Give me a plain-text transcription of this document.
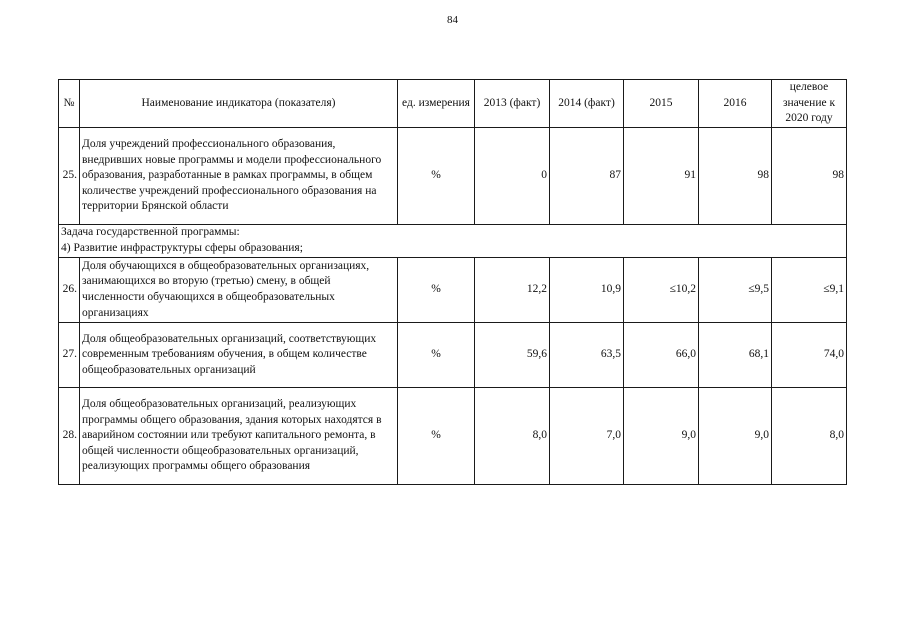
84
№	Наименование индикатора (показателя)	ед. измерения	2013 (факт)	2014 (факт)	2015	2016	целевое значение к 2020 году
25.	Доля учреждений профессионального образования, внедривших новые программы и модели профессионального образования, разработанные в рамках программы, в общем количестве учреждений профессионального образования на территории Брянской области	%	0	87	91	98	98

Задача государственной программы:
4) Развитие инфраструктуры сферы образования;							

26.	Доля обучающихся в общеобразовательных организациях, занимающихся во вторую (третью) смену, в общей численности обучающихся в общеобразовательных организациях	%	12,2	10,9	≤10,2	≤9,5	≤9,1
27.	Доля общеобразовательных организаций, соответствующих современным требованиям обучения, в общем количестве общеобразовательных организаций	%	59,6	63,5	66,0	68,1	74,0
28.	Доля общеобразовательных организаций, реализующих программы общего образования, здания которых находятся в аварийном состоянии или требуют капитального ремонта, в общей численности общеобразовательных организаций, реализующих программы общего образования	%	8,0	7,0	9,0	9,0	8,0
